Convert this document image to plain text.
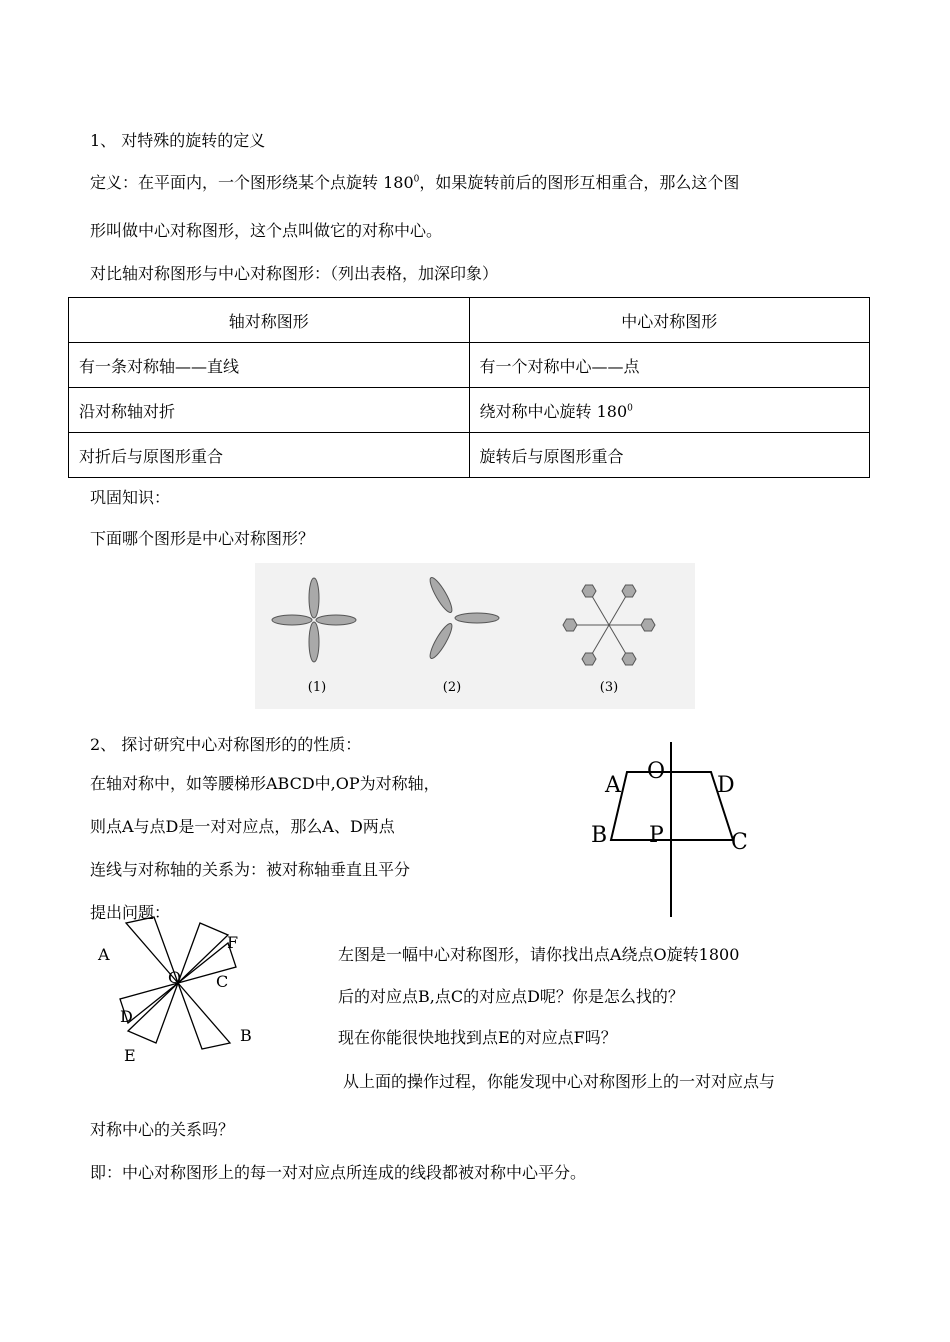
1、 对特殊的旋转的定义
定义：在平面内，一个图形绕某个点旋转 $180^0$，如果旋转前后的图形互相重合，那么这个图
形叫做中心对称图形，这个点叫做它的对称中心。
对比轴对称图形与中心对称图形：（列出表格，加深印象）
轴对称图形	中心对称图形
有一条对称轴——直线	有一个对称中心——点
沿对称轴对折	绕对称中心旋转 $180^0$
对折后与原图形重合	旋转后与原图形重合
巩固知识：
下面哪个图形是中心对称图形？
(1)	(2)	(3)
2、 探讨研究中心对称图形的的性质：
在轴对称中，如等腰梯形ABCD中,OP为对称轴，
则点A与点D是一对对应点，那么A、D两点
连线与对称轴的关系为：被对称轴垂直且平分
A
O
D
B P	C
提出问题：
A
F
O C
D
B
E
左图是一幅中心对称图形，请你找出点A绕点O旋转1800
后的对应点B,点C的对应点D呢？你是怎么找的？
现在你能很快地找到点E的对应点F吗？
从上面的操作过程，你能发现中心对称图形上的一对对应点与
对称中心的关系吗？
即：中心对称图形上的每一对对应点所连成的线段都被对称中心平分。
